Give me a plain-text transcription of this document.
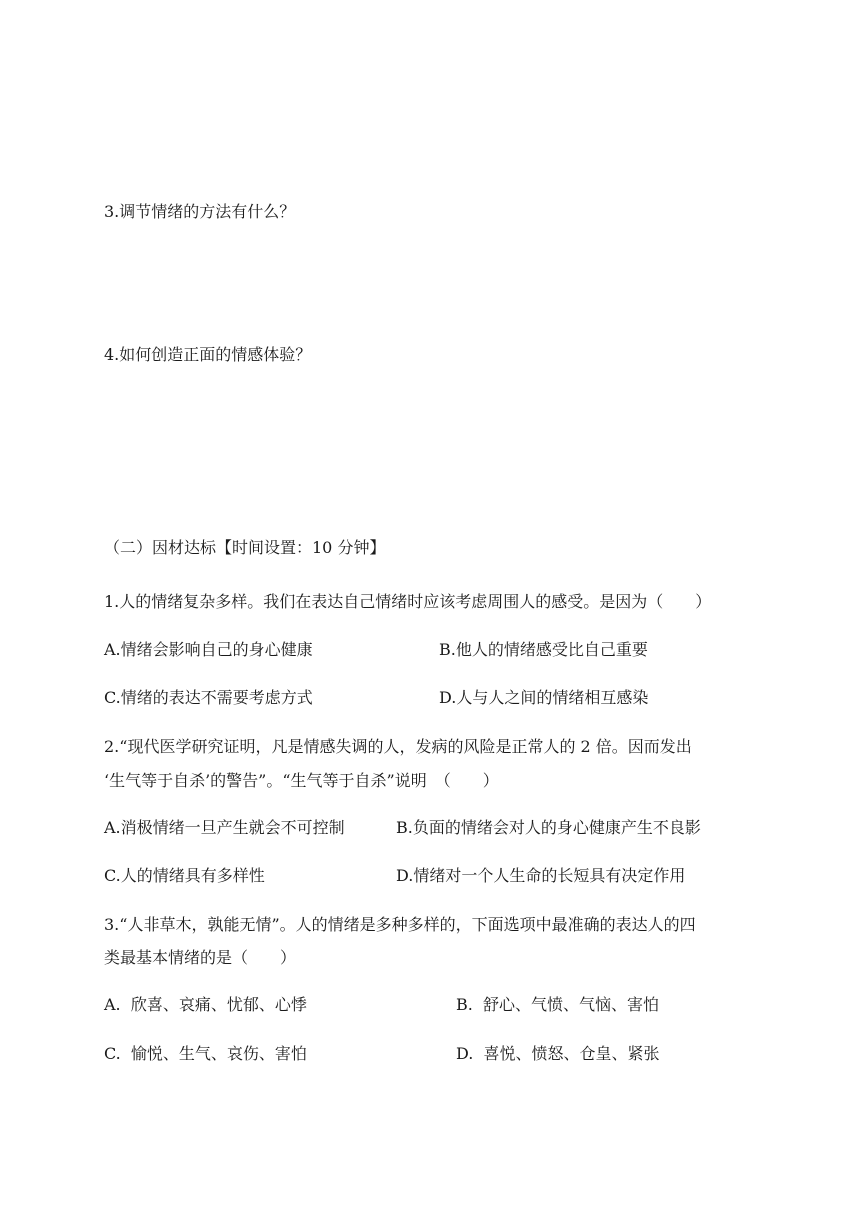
3.调节情绪的方法有什么？
4.如何创造正面的情感体验？
（二）因材达标【时间设置：10 分钟】
1.人的情绪复杂多样。我们在表达自己情绪时应该考虑周围人的感受。是因为（　　）
A.情绪会影响自己的身心健康	B.他人的情绪感受比自己重要
C.情绪的表达不需要考虑方式	D.人与人之间的情绪相互感染
2.“现代医学研究证明，凡是情感失调的人，发病的风险是正常人的 2 倍。因而发出
‘生气等于自杀’的警告”。“生气等于自杀”说明　（　　）
A.消极情绪一旦产生就会不可控制	B.负面的情绪会对人的身心健康产生不良影
C.人的情绪具有多样性	D.情绪对一个人生命的长短具有决定作用
3.“人非草木，孰能无情”。人的情绪是多种多样的，下面选项中最准确的表达人的四
类最基本情绪的是（　　）
A.  欣喜、哀痛、忧郁、心悸	B.  舒心、气愤、气恼、害怕
C.  愉悦、生气、哀伤、害怕	D.  喜悦、愤怒、仓皇、紧张
